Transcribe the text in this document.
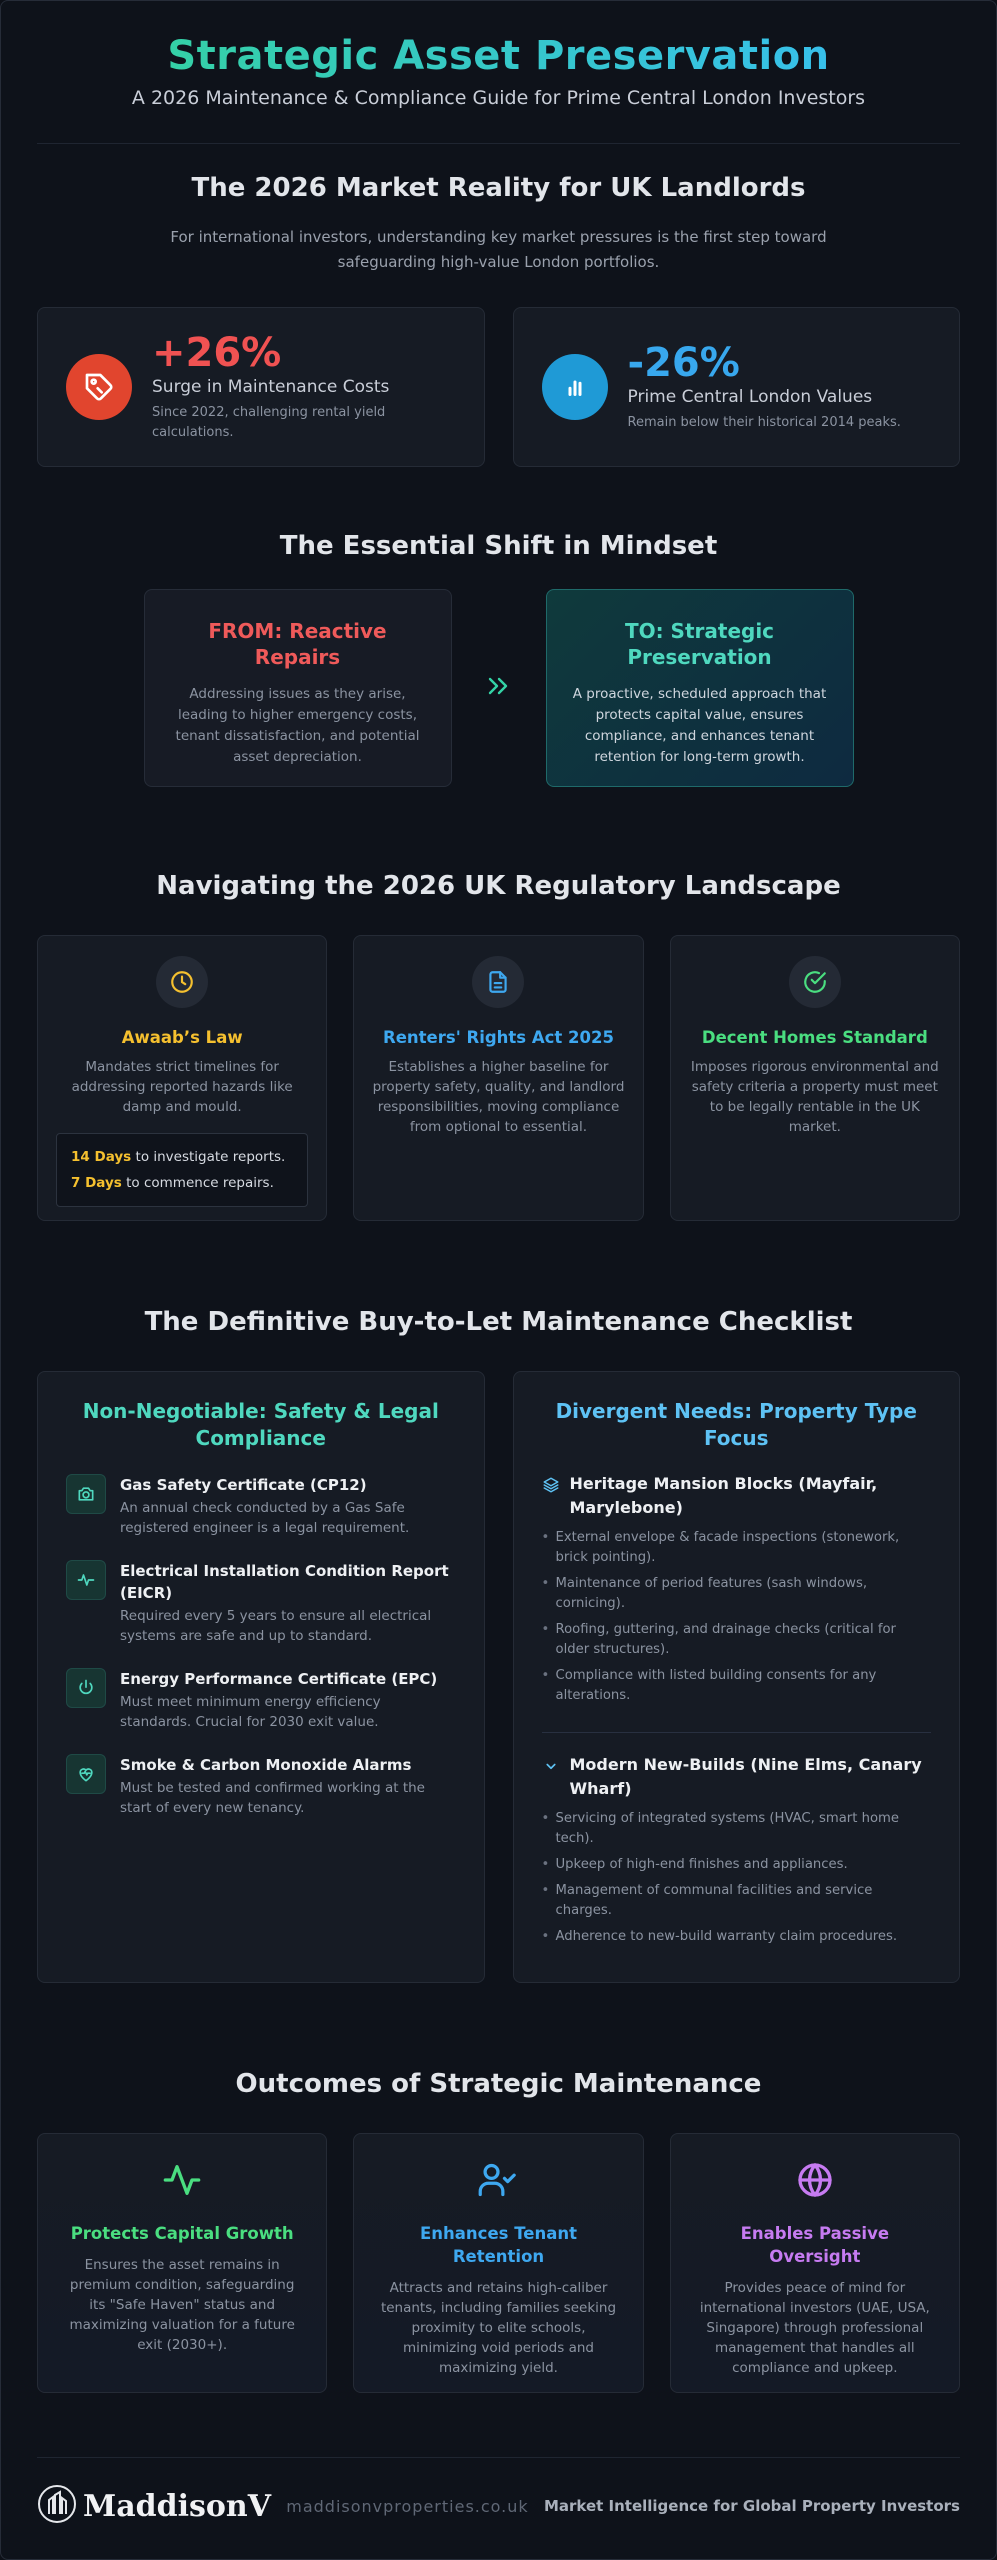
Strategic Asset Preservation
A 2026 Maintenance & Compliance Guide for Prime Central London Investors
The 2026 Market Reality for UK Landlords

For international investors, understanding key market pressures is the first step toward safeguarding high-value London portfolios.

+26%
Surge in Maintenance Costs
Since 2022, challenging rental yield calculations.
-26%
Prime Central London Values
Remain below their historical 2014 peaks.
The Essential Shift in Mindset
FROM: Reactive Repairs
Addressing issues as they arise, leading to higher emergency costs, tenant dissatisfaction, and potential asset depreciation.
TO: Strategic Preservation
A proactive, scheduled approach that protects capital value, ensures compliance, and enhances tenant retention for long-term growth.
Navigating the 2026 UK Regulatory Landscape
Awaab’s Law
Mandates strict timelines for addressing reported hazards like damp and mould.
14 Days to investigate reports.
7 Days to commence repairs.
Renters' Rights Act 2025
Establishes a higher baseline for property safety, quality, and landlord responsibilities, moving compliance from optional to essential.
Decent Homes Standard
Imposes rigorous environmental and safety criteria a property must meet to be legally rentable in the UK market.
The Definitive Buy-to-Let Maintenance Checklist
Non-Negotiable: Safety & Legal Compliance
Gas Safety Certificate (CP12)
An annual check conducted by a Gas Safe registered engineer is a legal requirement.
Electrical Installation Condition Report (EICR)
Required every 5 years to ensure all electrical systems are safe and up to standard.
Energy Performance Certificate (EPC)
Must meet minimum energy efficiency standards. Crucial for 2030 exit value.
Smoke & Carbon Monoxide Alarms
Must be tested and confirmed working at the start of every new tenancy.
Divergent Needs: Property Type Focus
Heritage Mansion Blocks (Mayfair, Marylebone)
• External envelope & facade inspections (stonework, brick pointing).
• Maintenance of period features (sash windows, cornicing).
• Roofing, guttering, and drainage checks (critical for older structures).
• Compliance with listed building consents for any alterations.
Modern New-Builds (Nine Elms, Canary Wharf)
• Servicing of integrated systems (HVAC, smart home tech).
• Upkeep of high-end finishes and appliances.
• Management of communal facilities and service charges.
• Adherence to new-build warranty claim procedures.
Outcomes of Strategic Maintenance
Protects Capital Growth
Ensures the asset remains in premium condition, safeguarding its "Safe Haven" status and maximizing valuation for a future exit (2030+).
Enhances Tenant Retention
Attracts and retains high-caliber tenants, including families seeking proximity to elite schools, minimizing void periods and maximizing yield.
Enables Passive Oversight
Provides peace of mind for international investors (UAE, USA, Singapore) through professional management that handles all compliance and upkeep.
MaddisonV maddisonvproperties.co.uk Market Intelligence for Global Property Investors
